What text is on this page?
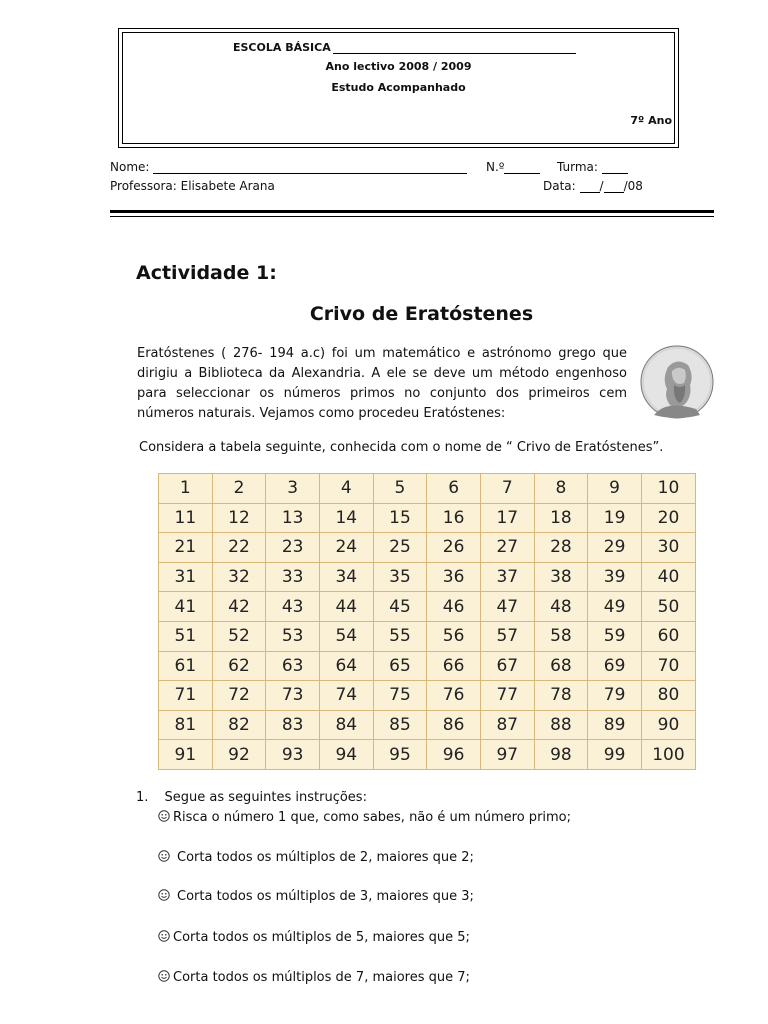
ESCOLA BÁSICA
Ano lectivo 2008 / 2009
Estudo Acompanhado
7º Ano
Nome:	N.º	Turma:
Professora: Elisabete Arana	Data: / /08
Actividade 1:
Crivo de Eratóstenes
Eratóstenes ( 276- 194 a.c) foi um matemático e astrónomo grego que dirigiu a Biblioteca da Alexandria. A ele se deve um método engenhoso para seleccionar os números primos no conjunto dos primeiros cem números naturais. Vejamos como procedeu Eratóstenes:
Considera a tabela seguinte, conhecida com o nome de “ Crivo de Eratóstenes”.
1	2	3	4	5	6	7	8	9	10
11	12	13	14	15	16	17	18	19	20
21	22	23	24	25	26	27	28	29	30
31	32	33	34	35	36	37	38	39	40
41	42	43	44	45	46	47	48	49	50
51	52	53	54	55	56	57	58	59	60
61	62	63	64	65	66	67	68	69	70
71	72	73	74	75	76	77	78	79	80
81	82	83	84	85	86	87	88	89	90
91	92	93	94	95	96	97	98	99	100
1. Segue as seguintes instruções:
Risca o número 1 que, como sabes, não é um número primo;
Corta todos os múltiplos de 2, maiores que 2;
Corta todos os múltiplos de 3, maiores que 3;
Corta todos os múltiplos de 5, maiores que 5;
Corta todos os múltiplos de 7, maiores que 7;
